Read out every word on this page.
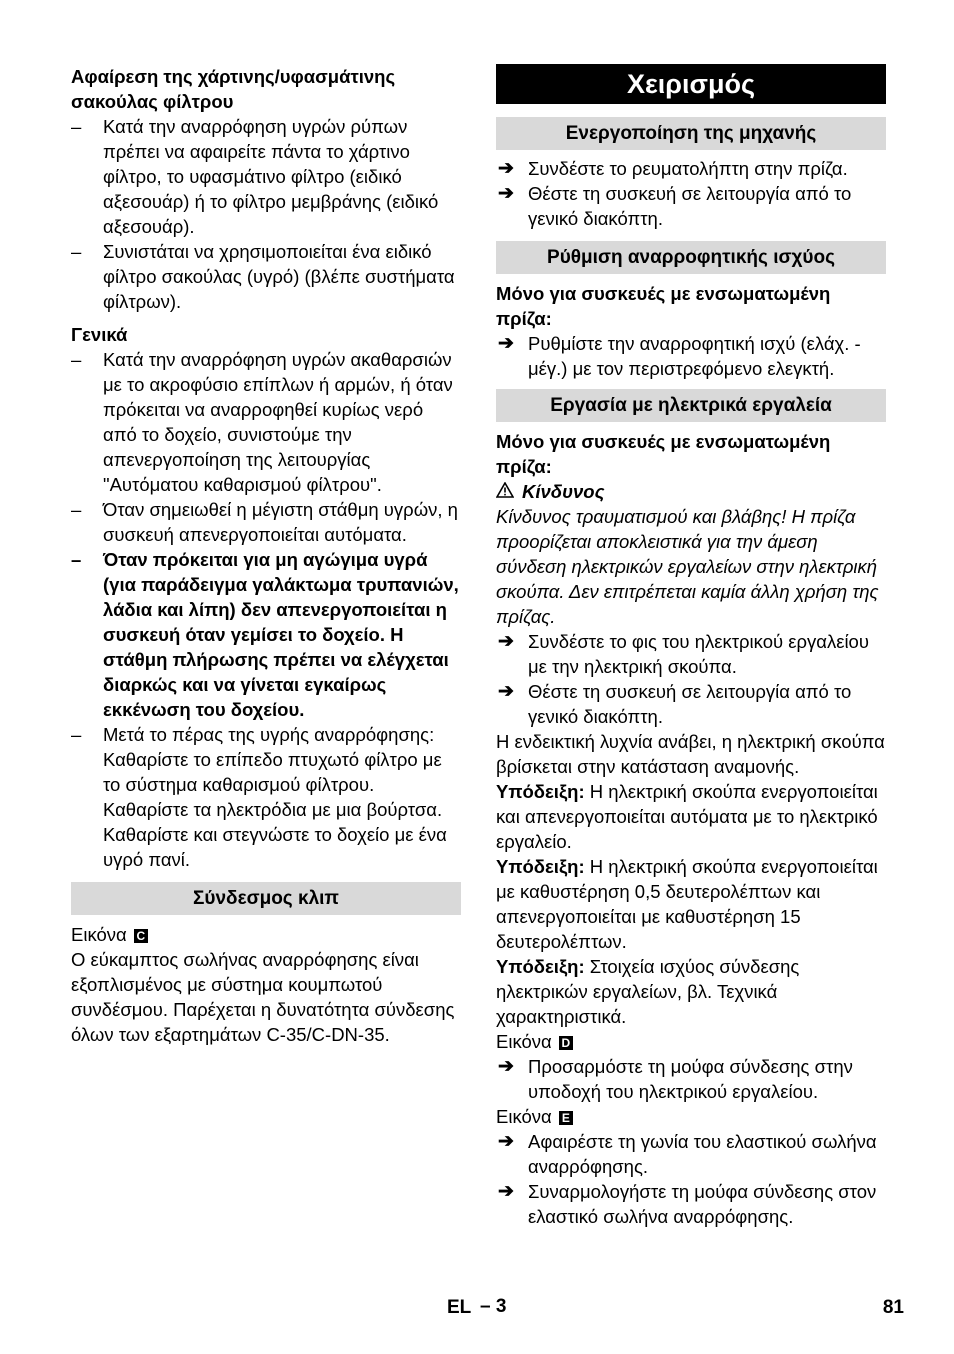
Αφαίρεση της χάρτινης/υφασμάτινης σακούλας φίλτρου

– Κατά την αναρρόφηση υγρών ρύπων πρέπει να αφαιρείτε πάντα το χάρτινο φίλτρο, το υφασμάτινο φίλτρο (ειδικό αξεσουάρ) ή το φίλτρο μεμβράνης (ειδικό αξεσουάρ).
– Συνιστάται να χρησιμοποιείται ένα ειδικό φίλτρο σακούλας (υγρό) (βλέπε συστήματα φίλτρων).

Γενικά

– Κατά την αναρρόφηση υγρών ακαθαρσιών με το ακροφύσιο επίπλων ή αρμών, ή όταν πρόκειται να αναρροφηθεί κυρίως νερό από το δοχείο, συνιστούμε την απενεργοποίηση της λειτουργίας "Αυτόματου καθαρισμού φίλτρου".
– Όταν σημειωθεί η μέγιστη στάθμη υγρών, η συσκευή απενεργοποιείται αυτόματα.
– Όταν πρόκειται για μη αγώγιμα υγρά (για παράδειγμα γαλάκτωμα τρυπανιών, λάδια και λίπη) δεν απενεργοποιείται η συσκευή όταν γεμίσει το δοχείο. Η στάθμη πλήρωσης πρέπει να ελέγχεται διαρκώς και να γίνεται εγκαίρως εκκένωση του δοχείου.
– Μετά το πέρας της υγρής αναρρόφησης: Καθαρίστε το επίπεδο πτυχωτό φίλτρο με το σύστημα καθαρισμού φίλτρου. Καθαρίστε τα ηλεκτρόδια με μια βούρτσα. Καθαρίστε και στεγνώστε το δοχείο με ένα υγρό πανί.
Σύνδεσμος κλιπ

Εικόνα C

Ο εύκαμπτος σωλήνας αναρρόφησης είναι εξοπλισμένος με σύστημα κουμπωτού συνδέσμου. Παρέχεται η δυνατότητα σύνδεσης όλων των εξαρτημάτων C-35/C-DN-35.

Χειρισμός
Ενεργοποίηση της μηχανής
➔ Συνδέστε το ρευματολήπτη στην πρίζα.
➔ Θέστε τη συσκευή σε λειτουργία από το γενικό διακόπτη.
Ρύθμιση αναρροφητικής ισχύος

Μόνο για συσκευές με ενσωματωμένη πρίζα:

➔ Ρυθμίστε την αναρροφητική ισχύ (ελάχ. - μέγ.) με τον περιστρεφόμενο ελεγκτή.
Εργασία με ηλεκτρικά εργαλεία

Μόνο για συσκευές με ενσωματωμένη πρίζα:

Κίνδυνος

Κίνδυνος τραυματισμού και βλάβης! Η πρίζα προορίζεται αποκλειστικά για την άμεση σύνδεση ηλεκτρικών εργαλείων στην ηλεκτρική σκούπα. Δεν επιτρέπεται καμία άλλη χρήση της πρίζας.

➔ Συνδέστε το φις του ηλεκτρικού εργαλείου με την ηλεκτρική σκούπα.
➔ Θέστε τη συσκευή σε λειτουργία από το γενικό διακόπτη.

Η ενδεικτική λυχνία ανάβει, η ηλεκτρική σκούπα βρίσκεται στην κατάσταση αναμονής.

Υπόδειξη: Η ηλεκτρική σκούπα ενεργοποιείται και απενεργοποιείται αυτόματα με το ηλεκτρικό εργαλείο.

Υπόδειξη: Η ηλεκτρική σκούπα ενεργοποιείται με καθυστέρηση 0,5 δευτερολέπτων και απενεργοποιείται με καθυστέρηση 15 δευτερολέπτων.

Υπόδειξη: Στοιχεία ισχύος σύνδεσης ηλεκτρικών εργαλείων, βλ. Τεχνικά χαρακτηριστικά.

Εικόνα D

➔ Προσαρμόστε τη μούφα σύνδεσης στην υποδοχή του ηλεκτρικού εργαλείου.

Εικόνα E

➔ Αφαιρέστε τη γωνία του ελαστικού σωλήνα αναρρόφησης.
➔ Συναρμολογήστε τη μούφα σύνδεσης στον ελαστικό σωλήνα αναρρόφησης.
EL – 3	81
